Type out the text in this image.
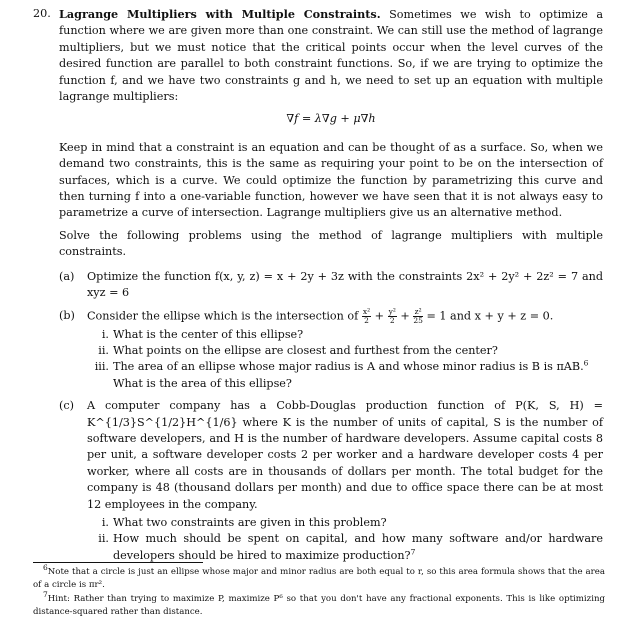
20. Lagrange Multipliers with Multiple Constraints. Sometimes we wish to optimize a function where we are given more than one constraint. We can still use the method of lagrange multipliers, but we must notice that the critical points occur when the level curves of the desired function are parallel to both constraint functions. So, if we are trying to optimize the function f, and we have two constraints g and h, we need to set up an equation with multiple lagrange multipliers:

∇f = λ∇g + μ∇h

Keep in mind that a constraint is an equation and can be thought of as a surface. So, when we demand two constraints, this is the same as requiring your point to be on the intersection of surfaces, which is a curve. We could optimize the function by parametrizing this curve and then turning f into a one-variable function, however we have seen that it is not always easy to parametrize a curve of intersection. Lagrange multipliers give us an alternative method.

Solve the following problems using the method of lagrange multipliers with multiple constraints.

(a) Optimize the function f(x, y, z) = x + 2y + 3z with the constraints 2x² + 2y² + 2z² = 7 and xyz = 6
(b) Consider the ellipse which is the intersection of $\frac{\text{x²}}{2} + \frac{\text{y²}}{2} + \frac{\text{z²}}{25} = 1$ and x + y + z = 0.
i. What is the center of this ellipse?
ii. What points on the ellipse are closest and furthest from the center?
iii. The area of an ellipse whose major radius is A and whose minor radius is B is πAB.$^6$
What is the area of this ellipse?
(c) A computer company has a Cobb-Douglas production function of P(K, S, H) = K^{1/3}S^{1/2}H^{1/6} where K is the number of units of capital, S is the number of software developers, and H is the number of hardware developers. Assume capital costs 8 per unit, a software developer costs 2 per worker and a hardware developer costs 4 per worker, where all costs are in thousands of dollars per month. The total budget for the company is 48 (thousand dollars per month) and due to office space there can be at most 12 employees in the company.
i. What two constraints are given in this problem?
ii. How much should be spent on capital, and how many software and/or hardware developers should be hired to maximize production?$^7$
$^6$Note that a circle is just an ellipse whose major and minor radius are both equal to r, so this area formula shows that the area of a circle is πr².
$^7$Hint: Rather than trying to maximize P, maximize P⁶ so that you don't have any fractional exponents. This is like optimizing distance-squared rather than distance.
